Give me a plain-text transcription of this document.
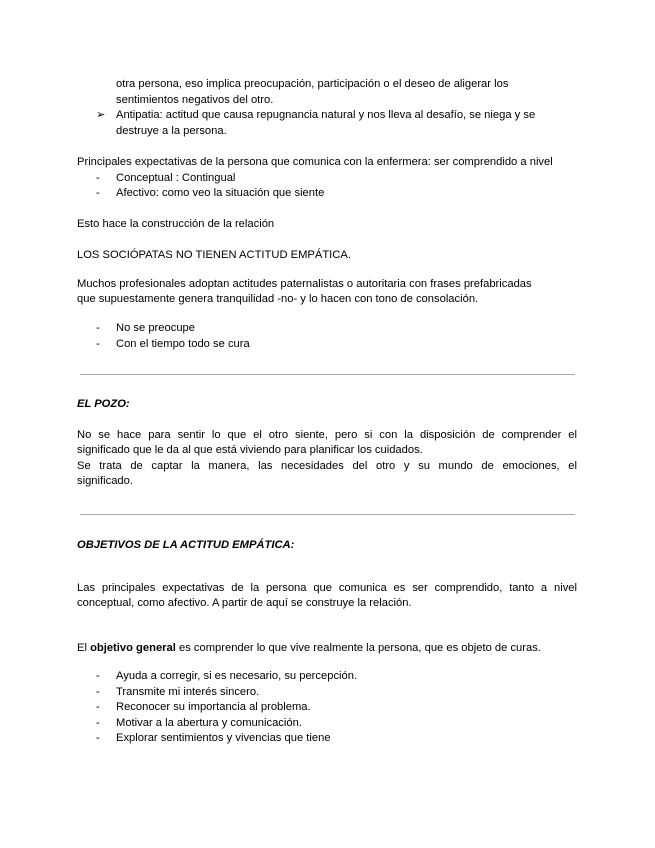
otra persona, eso implica preocupación, participación o el deseo de aligerar los
sentimientos negativos del otro.
➢ Antipatia: actitud que causa repugnancia natural y nos lleva al desafío, se niega y se
destruye a la persona.
Principales expectativas de la persona que comunica con la enfermera: ser comprendido a nivel
- Conceptual : Contingual
- Afectivo: como veo la situación que siente
Esto hace la construcción de la relación
LOS SOCIÓPATAS NO TIENEN ACTITUD EMPÁTICA.
Muchos profesionales adoptan actitudes paternalistas o autoritaria con frases prefabricadas
que supuestamente genera tranquilidad -no- y lo hacen con tono de consolación.
- No se preocupe
- Con el tiempo todo se cura
EL POZO:
No se hace para sentir lo que el otro siente, pero si con la disposición de comprender el
significado que le da al que está viviendo para planificar los cuidados.
Se trata de captar la manera, las necesidades del otro y su mundo de emociones, el
significado.
OBJETIVOS DE LA ACTITUD EMPÁTICA:
Las principales expectativas de la persona que comunica es ser comprendido, tanto a nivel
conceptual, como afectivo. A partir de aquí se construye la relación.
El objetivo general es comprender lo que vive realmente la persona, que es objeto de curas.
- Ayuda a corregir, si es necesario, su percepción.
- Transmite mi interés sincero.
- Reconocer su importancia al problema.
- Motivar a la abertura y comunicación.
- Explorar sentimientos y vivencias que tiene
